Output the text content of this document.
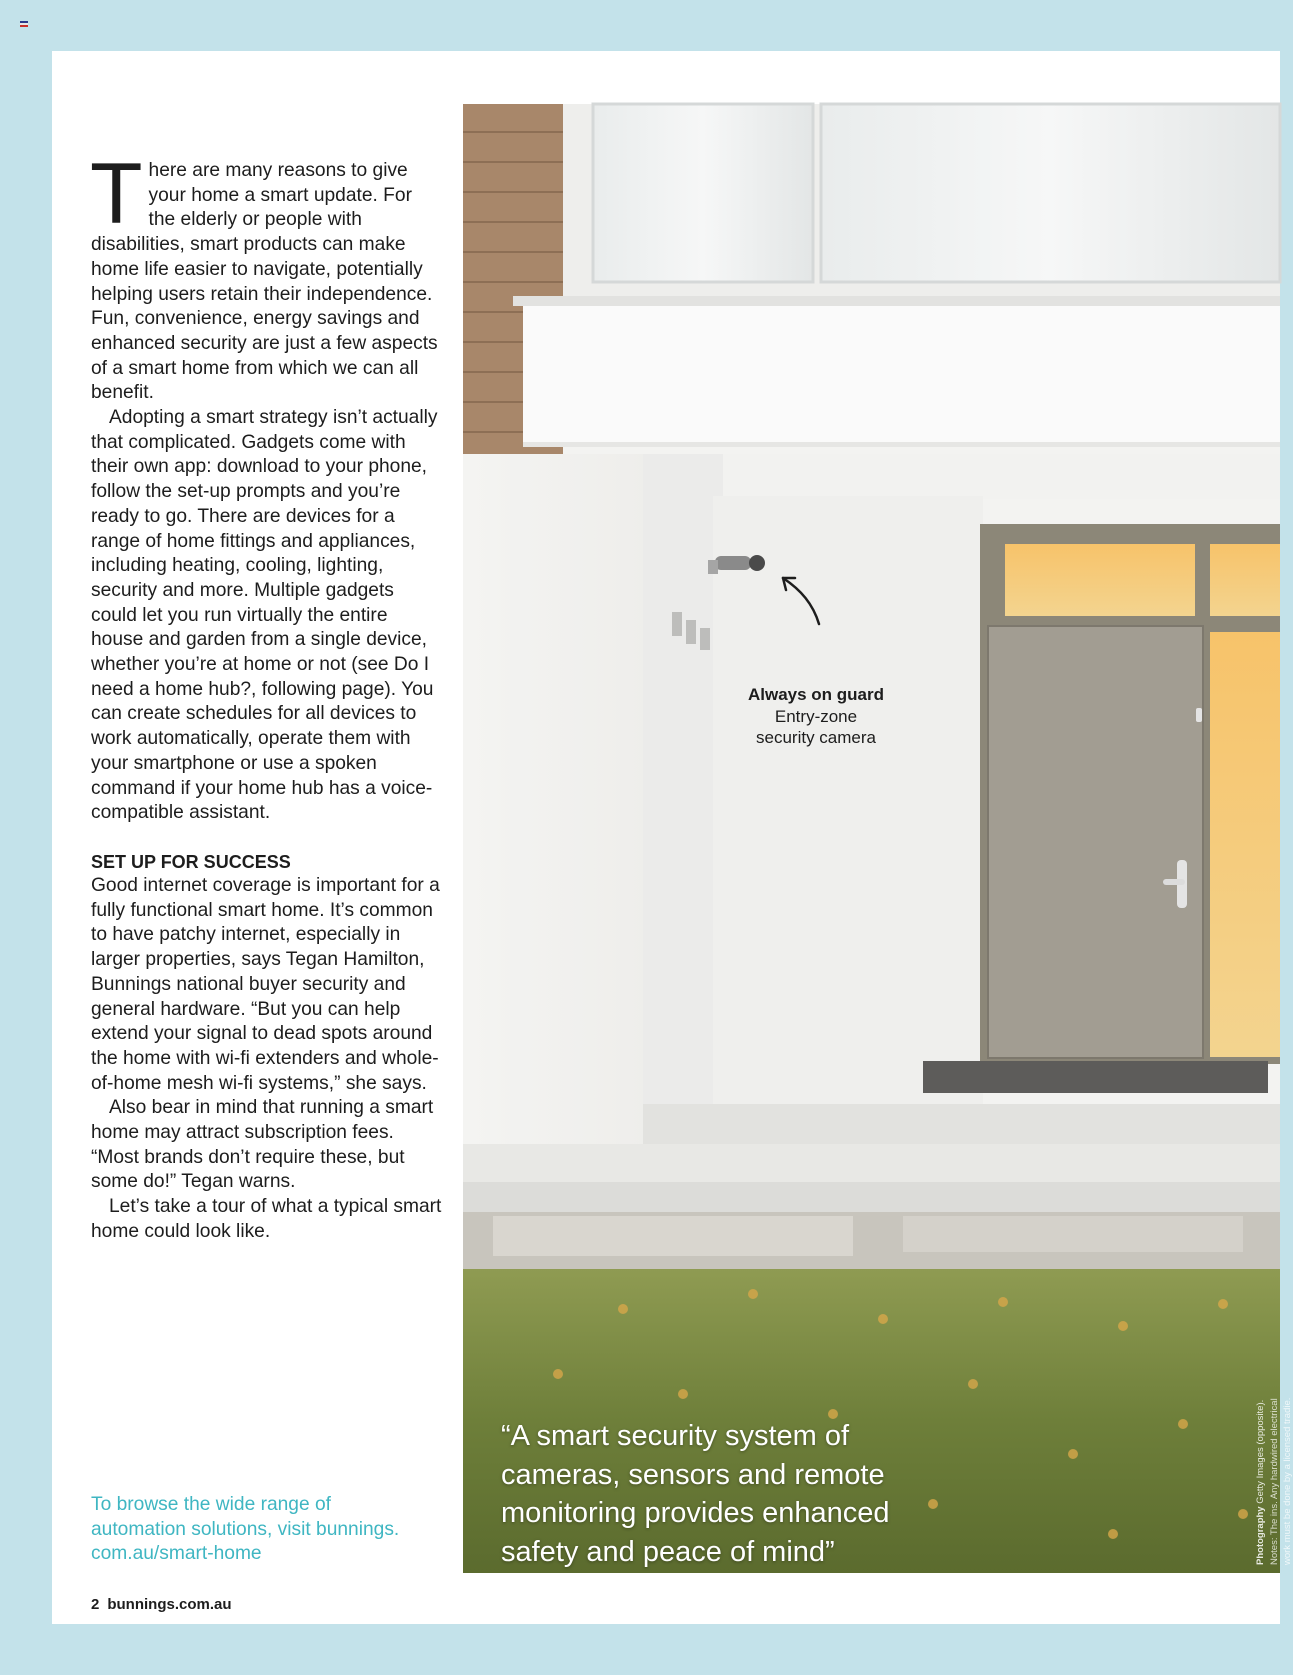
There are many reasons to give your home a smart update. For the elderly or people with disabilities, smart products can make home life easier to navigate, potentially helping users retain their independence. Fun, convenience, energy savings and enhanced security are just a few aspects of a smart home from which we can all benefit.

Adopting a smart strategy isn’t actually that complicated. Gadgets come with their own app: download to your phone, follow the set-up prompts and you’re ready to go. There are devices for a range of home fittings and appliances, including heating, cooling, lighting, security and more. Multiple gadgets could let you run virtually the entire house and garden from a single device, whether you’re at home or not (see Do I need a home hub?, following page). You can create schedules for all devices to work automatically, operate them with your smartphone or use a spoken command if your home hub has a voice-compatible assistant.

SET UP FOR SUCCESS

Good internet coverage is important for a fully functional smart home. It’s common to have patchy internet, especially in larger properties, says Tegan Hamilton, Bunnings national buyer security and general hardware. “But you can help extend your signal to dead spots around the home with wi-fi extenders and whole-of-home mesh wi-fi systems,” she says.

Also bear in mind that running a smart home may attract subscription fees. “Most brands don’t require these, but some do!” Tegan warns.

Let’s take a tour of what a typical smart home could look like.

To browse the wide range of automation solutions, visit bunnings. com.au/smart-home
2 bunnings.com.au
Always on guard
Entry-zone
security camera
“A smart security system of cameras, sensors and remote monitoring provides enhanced safety and peace of mind”
Grid Connect
Photography Getty Images (opposite). Notes: The ins. Any hardwired electrical work must be done by a licensed tradie.
